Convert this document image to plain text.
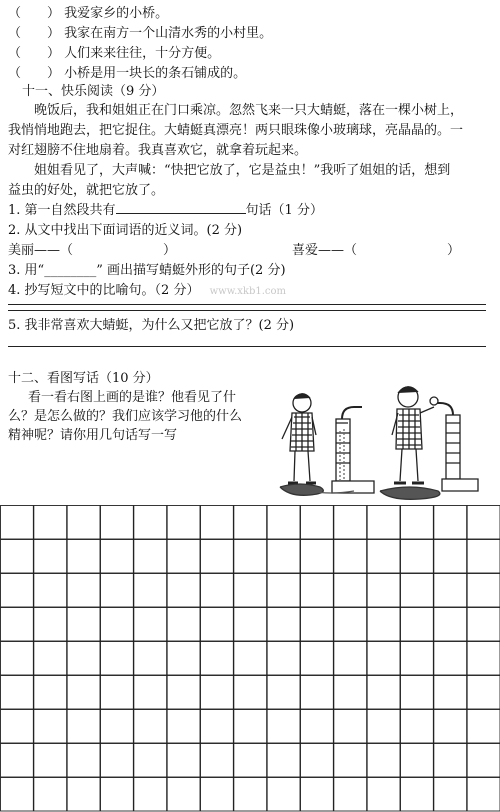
（　　） 我爱家乡的小桥。
（　　） 我家在南方一个山清水秀的小村里。
（　　） 人们来来往往，十分方便。
（　　） 小桥是用一块长的条石铺成的。
十一、快乐阅读（9 分）
晚饭后，我和姐姐正在门口乘凉。忽然飞来一只大蜻蜓，落在一棵小树上，
我悄悄地跑去，把它捉住。大蜻蜓真漂亮！两只眼珠像小玻璃球，亮晶晶的。一
对红翅膀不住地扇着。我真喜欢它，就拿着玩起来。
姐姐看见了，大声喊：“快把它放了，它是益虫！”我听了姐姐的话，想到
益虫的好处，就把它放了。
1. 第一自然段共有	句话（1 分）
2. 从文中找出下面词语的近义词。(2 分)
美丽——（	）	喜爱——（	）
3. 用“________” 画出描写蜻蜓外形的句子(2 分)
4. 抄写短文中的比喻句。（2 分） www.xkb1.com
5. 我非常喜欢大蜻蜓，为什么又把它放了？(2 分)
十二、看图写话（10 分）
看一看右图上画的是谁？他看见了什
么？是怎么做的？我们应该学习他的什么
精神呢？请你用几句话写一写
